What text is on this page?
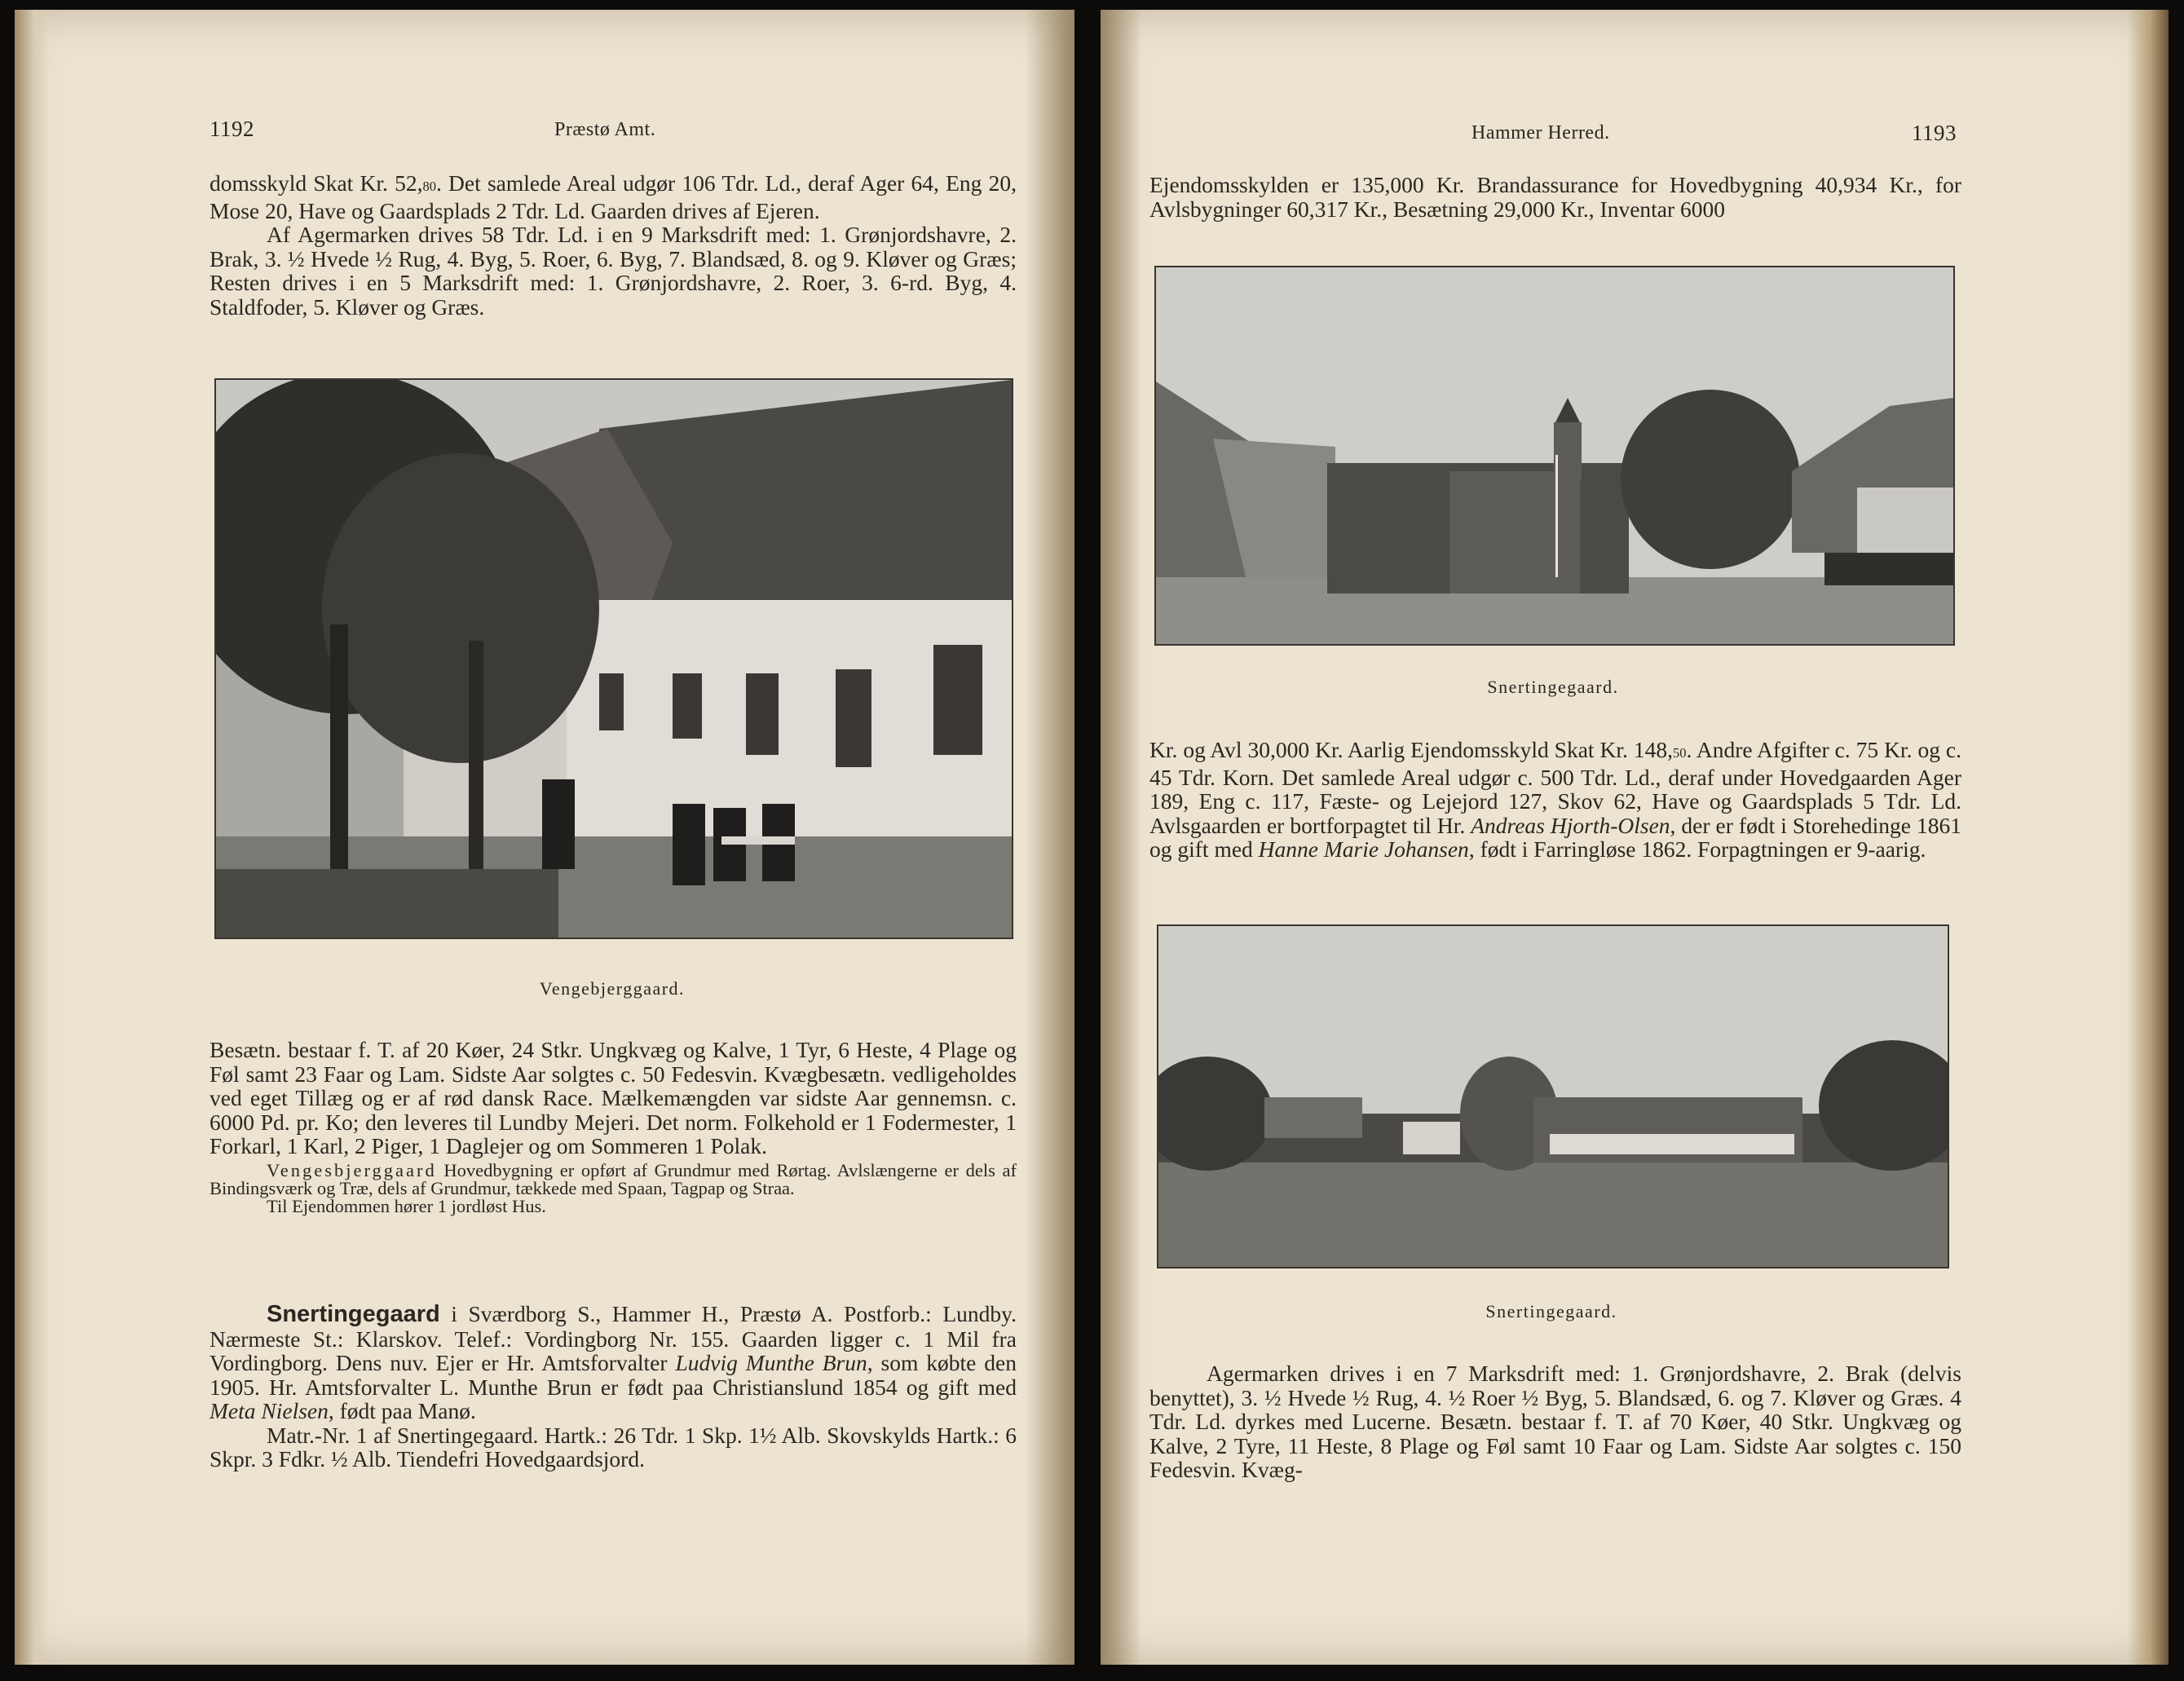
1192	Præstø Amt.

domsskyld Skat Kr. 52,80. Det samlede Areal udgør 106 Tdr. Ld., deraf Ager 64, Eng 20, Mose 20, Have og Gaardsplads 2 Tdr. Ld. Gaarden drives af Ejeren.

Af Agermarken drives 58 Tdr. Ld. i en 9 Marksdrift med: 1. Grønjordshavre, 2. Brak, 3. ½ Hvede ½ Rug, 4. Byg, 5. Roer, 6. Byg, 7. Blandsæd, 8. og 9. Kløver og Græs; Resten drives i en 5 Marksdrift med: 1. Grønjordshavre, 2. Roer, 3. 6-rd. Byg, 4. Staldfoder, 5. Kløver og Græs.

Vengebjerggaard.

Besætn. bestaar f. T. af 20 Køer, 24 Stkr. Ungkvæg og Kalve, 1 Tyr, 6 Heste, 4 Plage og Føl samt 23 Faar og Lam. Sidste Aar solgtes c. 50 Fedesvin. Kvægbesætn. vedligeholdes ved eget Tillæg og er af rød dansk Race. Mælkemængden var sidste Aar gennemsn. c. 6000 Pd. pr. Ko; den leveres til Lundby Mejeri. Det norm. Folkehold er 1 Fodermester, 1 Forkarl, 1 Karl, 2 Piger, 1 Daglejer og om Sommeren 1 Polak.

Vengesbjerggaard Hovedbygning er opført af Grundmur med Rørtag. Avlslængerne er dels af Bindingsværk og Træ, dels af Grundmur, tækkede med Spaan, Tagpap og Straa.

Til Ejendommen hører 1 jordløst Hus.

Snertingegaard i Sværdborg S., Hammer H., Præstø A. Postforb.: Lundby. Nærmeste St.: Klarskov. Telef.: Vordingborg Nr. 155. Gaarden ligger c. 1 Mil fra Vordingborg. Dens nuv. Ejer er Hr. Amtsforvalter Ludvig Munthe Brun, som købte den 1905. Hr. Amtsforvalter L. Munthe Brun er født paa Christianslund 1854 og gift med Meta Nielsen, født paa Manø.

Matr.-Nr. 1 af Snertingegaard. Hartk.: 26 Tdr. 1 Skp. 1½ Alb. Skovskylds Hartk.: 6 Skpr. 3 Fdkr. ½ Alb. Tiendefri Hovedgaardsjord.

Hammer Herred.	1193

Ejendomsskylden er 135,000 Kr. Brandassurance for Hovedbygning 40,934 Kr., for Avlsbygninger 60,317 Kr., Besætning 29,000 Kr., Inventar 6000

Snertingegaard.

Kr. og Avl 30,000 Kr. Aarlig Ejendomsskyld Skat Kr. 148,50. Andre Afgifter c. 75 Kr. og c. 45 Tdr. Korn. Det samlede Areal udgør c. 500 Tdr. Ld., deraf under Hovedgaarden Ager 189, Eng c. 117, Fæste- og Lejejord 127, Skov 62, Have og Gaardsplads 5 Tdr. Ld. Avlsgaarden er bortforpagtet til Hr. Andreas Hjorth-Olsen, der er født i Storehedinge 1861 og gift med Hanne Marie Johansen, født i Farringløse 1862. Forpagtningen er 9-aarig.

Snertingegaard.

Agermarken drives i en 7 Marksdrift med: 1. Grønjordshavre, 2. Brak (delvis benyttet), 3. ½ Hvede ½ Rug, 4. ½ Roer ½ Byg, 5. Blandsæd, 6. og 7. Kløver og Græs. 4 Tdr. Ld. dyrkes med Lucerne. Besætn. bestaar f. T. af 70 Køer, 40 Stkr. Ungkvæg og Kalve, 2 Tyre, 11 Heste, 8 Plage og Føl samt 10 Faar og Lam. Sidste Aar solgtes c. 150 Fedesvin. Kvæg-
